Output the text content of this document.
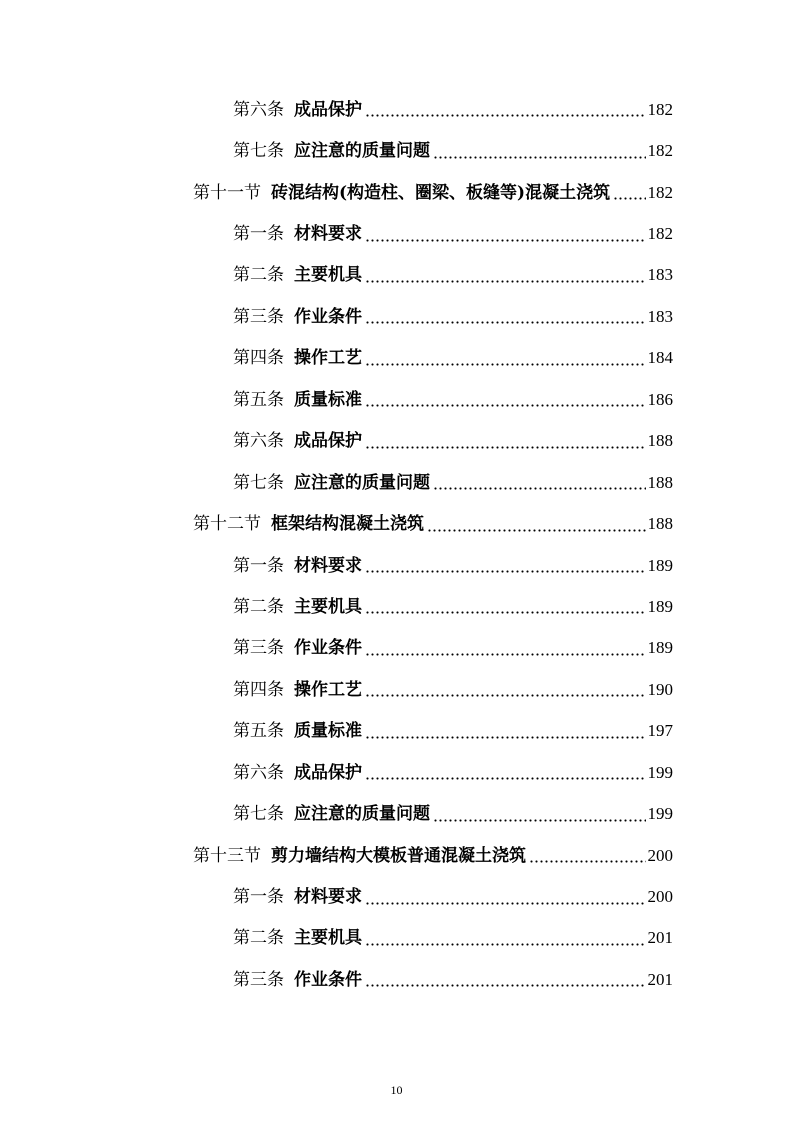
第六条 成品保护	182
第七条 应注意的质量问题	182
第十一节 砖混结构(构造柱、圈梁、板缝等)混凝土浇筑 182
第一条 材料要求	182
第二条 主要机具	183
第三条 作业条件	183
第四条 操作工艺	184
第五条 质量标准	186
第六条 成品保护	188
第七条 应注意的质量问题	188
第十二节 框架结构混凝土浇筑	188
第一条 材料要求	189
第二条 主要机具	189
第三条 作业条件	189
第四条 操作工艺	190
第五条 质量标准	197
第六条 成品保护	199
第七条 应注意的质量问题	199
第十三节 剪力墙结构大模板普通混凝土浇筑	200
第一条 材料要求	200
第二条 主要机具	201
第三条 作业条件	201
10
